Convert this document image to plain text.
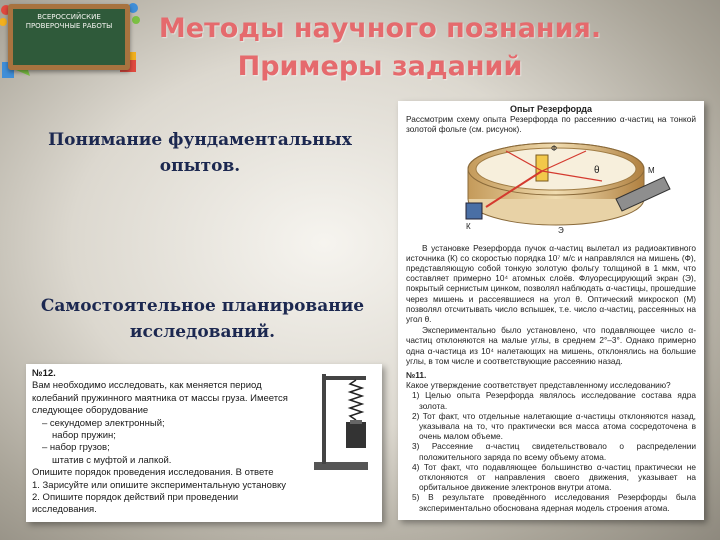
ВСЕРОССИЙСКИЕ ПРОВЕРОЧНЫЕ РАБОТЫ	Методы научного познания.
Примеры заданий
Понимание фундаментальных опытов.
Самостоятельное планирование исследований.
Опыт Резерфорда
Рассмотрим схему опыта Резерфорда по рассеянию α-частиц на тонкой золотой фольге (см. рисунок).
К
Ф
Э
М
θ
В установке Резерфорда пучок α-частиц вылетал из радиоактивного источника (К) со скоростью порядка 10⁷ м/с и направлялся на мишень (Ф), представляющую собой тонкую золотую фольгу толщиной в 1 мкм, что составляет примерно 10⁴ атомных слоёв. Флуоресцирующий экран (Э), покрытый сернистым цинком, позволял наблюдать α-частицы, прошедшие через мишень и рассеявшиеся на угол θ. Оптический микроскоп (М) позволял отсчитывать число вспышек, т.е. число α-частиц, рассеянных на угол θ.
Экспериментально было установлено, что подавляющее число α-частиц отклоняются на малые углы, в среднем 2°–3°. Однако примерно одна α-частица из 10⁴ налетающих на мишень, отклонялись на большие углы, в том числе и соответствующие рассеянию назад.
№11.
Какое утверждение соответствует представленному исследованию?
1) Целью опыта Резерфорда являлось исследование состава ядра золота.
2) Тот факт, что отдельные налетающие α-частицы отклоняются назад, указывала на то, что практически вся масса атома сосредоточена в очень малом объеме.
3) Рассеяние α-частиц свидетельствовало о распределении положительного заряда по всему объему атома.
4) Тот факт, что подавляющее большинство α-частиц практически не отклоняются от направления своего движения, указывает на орбитальное движение электронов внутри атома.
5) В результате проведённого исследования Резерфорды была экспериментально обоснована ядерная модель строения атома.
№12.
Вам необходимо исследовать, как меняется период колебаний пружинного маятника от массы груза. Имеется следующее оборудование
– секундомер электронный;
набор пружин;
– набор грузов;
штатив с муфтой и лапкой.
Опишите порядок проведения исследования. В ответе
1. Зарисуйте или опишите экспериментальную установку
2. Опишите порядок действий при проведении исследования.
